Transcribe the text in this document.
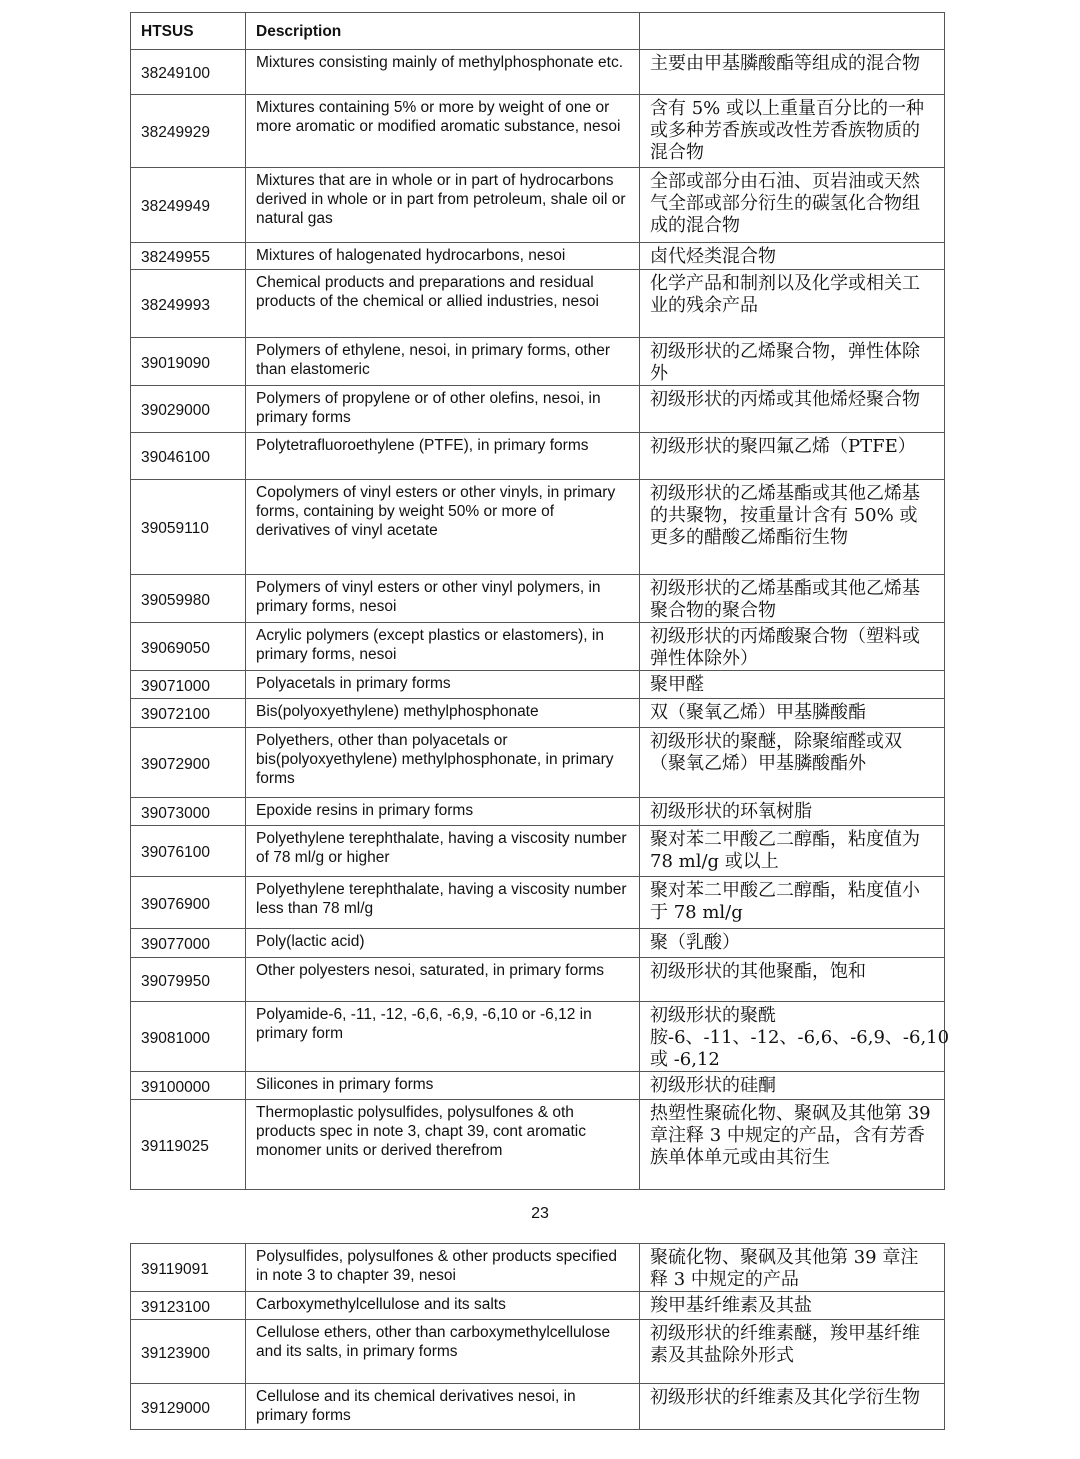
HTSUS	Description	
38249100	Mixtures consisting mainly of methylphosphonate etc.	主要由甲基膦酸酯等组成的混合物
38249929	Mixtures containing 5% or more by weight of one or more aromatic or modified aromatic substance, nesoi	含有 5% 或以上重量百分比的一种或多种芳香族或改性芳香族物质的混合物
38249949	Mixtures that are in whole or in part of hydrocarbons derived in whole or in part from petroleum, shale oil or natural gas	全部或部分由石油、页岩油或天然气全部或部分衍生的碳氢化合物组成的混合物
38249955	Mixtures of halogenated hydrocarbons, nesoi	卤代烃类混合物
38249993	Chemical products and preparations and residual products of the chemical or allied industries, nesoi	化学产品和制剂以及化学或相关工业的残余产品
39019090	Polymers of ethylene, nesoi, in primary forms, other than elastomeric	初级形状的乙烯聚合物，弹性体除外
39029000	Polymers of propylene or of other olefins, nesoi, in primary forms	初级形状的丙烯或其他烯烃聚合物
39046100	Polytetrafluoroethylene (PTFE), in primary forms	初级形状的聚四氟乙烯（PTFE）
39059110	Copolymers of vinyl esters or other vinyls, in primary forms, containing by weight 50% or more of derivatives of vinyl acetate	初级形状的乙烯基酯或其他乙烯基的共聚物，按重量计含有 50% 或更多的醋酸乙烯酯衍生物
39059980	Polymers of vinyl esters or other vinyl polymers, in primary forms, nesoi	初级形状的乙烯基酯或其他乙烯基聚合物的聚合物
39069050	Acrylic polymers (except plastics or elastomers), in primary forms, nesoi	初级形状的丙烯酸聚合物（塑料或弹性体除外）
39071000	Polyacetals in primary forms	聚甲醛
39072100	Bis(polyoxyethylene) methylphosphonate	双（聚氧乙烯）甲基膦酸酯
39072900	Polyethers, other than polyacetals or bis(polyoxyethylene) methylphosphonate, in primary forms	初级形状的聚醚，除聚缩醛或双（聚氧乙烯）甲基膦酸酯外
39073000	Epoxide resins in primary forms	初级形状的环氧树脂
39076100	Polyethylene terephthalate, having a viscosity number of 78 ml/g or higher	聚对苯二甲酸乙二醇酯，粘度值为 78 ml/g 或以上
39076900	Polyethylene terephthalate, having a viscosity number less than 78 ml/g	聚对苯二甲酸乙二醇酯，粘度值小于 78 ml/g
39077000	Poly(lactic acid)	聚（乳酸）
39079950	Other polyesters nesoi, saturated, in primary forms	初级形状的其他聚酯，饱和
39081000	Polyamide-6, -11, -12, -6,6, -6,9, -6,10 or -6,12 in primary form	初级形状的聚酰胺-6、-11、-12、-6,6、-6,9、-6,10 或 -6,12
39100000	Silicones in primary forms	初级形状的硅酮
39119025	Thermoplastic polysulfides, polysulfones & oth products spec in note 3, chapt 39, cont aromatic monomer units or derived therefrom	热塑性聚硫化物、聚砜及其他第 39 章注释 3 中规定的产品，含有芳香族单体单元或由其衍生
23
39119091	Polysulfides, polysulfones & other products specified in note 3 to chapter 39, nesoi	聚硫化物、聚砜及其他第 39 章注释 3 中规定的产品
39123100	Carboxymethylcellulose and its salts	羧甲基纤维素及其盐
39123900	Cellulose ethers, other than carboxymethylcellulose and its salts, in primary forms	初级形状的纤维素醚，羧甲基纤维素及其盐除外形式
39129000	Cellulose and its chemical derivatives nesoi, in primary forms	初级形状的纤维素及其化学衍生物
